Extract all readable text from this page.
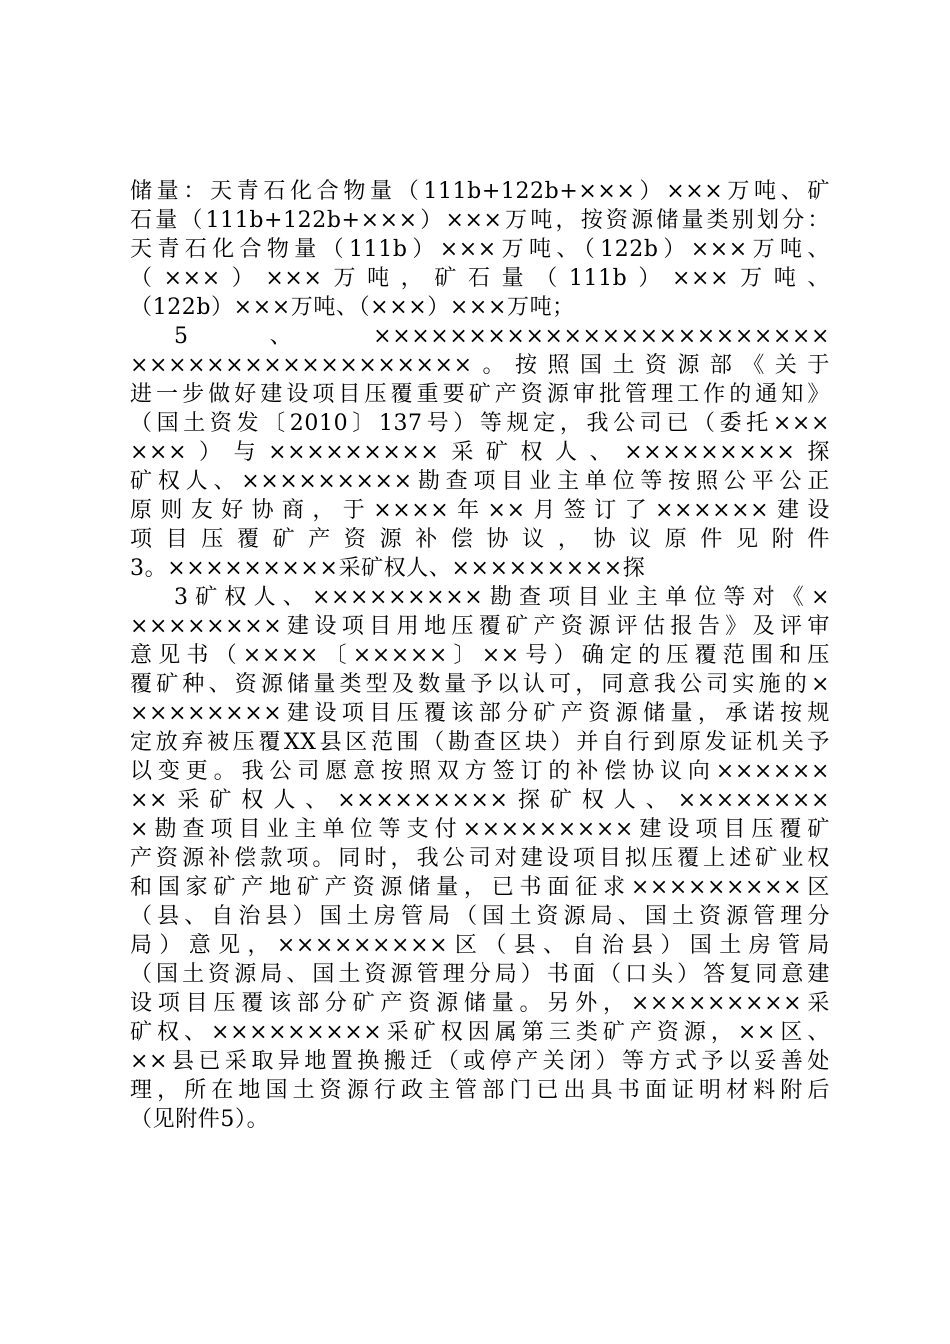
储量：天青石化合物量（111b+122b+×××）×××万吨、矿
石量（111b+122b+×××）×××万吨，按资源储量类别划分：
天青石化合物量（111b）×××万吨、（122b）×××万吨、
（×××）×××万吨，矿石量（111b）×××万吨、
（122b）×××万吨、（×××）×××万吨；
5、××××××××××××××××××××××××
××××××××××××××××××。按照国土资源部《关于
进一步做好建设项目压覆重要矿产资源审批管理工作的通知》
（国土资发〔2010〕137号）等规定，我公司已（委托×××
×××）与×××××××××采矿权人、×××××××××探
矿权人、×××××××××勘查项目业主单位等按照公平公正
原则友好协商，于××××年××月签订了××××××建设
项目压覆矿产资源补偿协议，协议原件见附件
3。×××××××××采矿权人、×××××××××探
3矿权人、×××××××××勘查项目业主单位等对《×
××××××××建设项目用地压覆矿产资源评估报告》及评审
意见书（××××〔×××××〕××号）确定的压覆范围和压
覆矿种、资源储量类型及数量予以认可，同意我公司实施的×
××××××××建设项目压覆该部分矿产资源储量，承诺按规
定放弃被压覆XX县区范围（勘查区块）并自行到原发证机关予
以变更。我公司愿意按照双方签订的补偿协议向××××××
××采矿权人、×××××××××探矿权人、××××××××
×勘查项目业主单位等支付×××××××××建设项目压覆矿
产资源补偿款项。同时，我公司对建设项目拟压覆上述矿业权
和国家矿产地矿产资源储量，已书面征求×××××××××区
（县、自治县）国土房管局（国土资源局、国土资源管理分
局）意见，×××××××××区（县、自治县）国土房管局
（国土资源局、国土资源管理分局）书面（口头）答复同意建
设项目压覆该部分矿产资源储量。另外，×××××××××采
矿权、×××××××××采矿权因属第三类矿产资源，××区、
××县已采取异地置换搬迁（或停产关闭）等方式予以妥善处
理，所在地国土资源行政主管部门已出具书面证明材料附后
（见附件5）。
